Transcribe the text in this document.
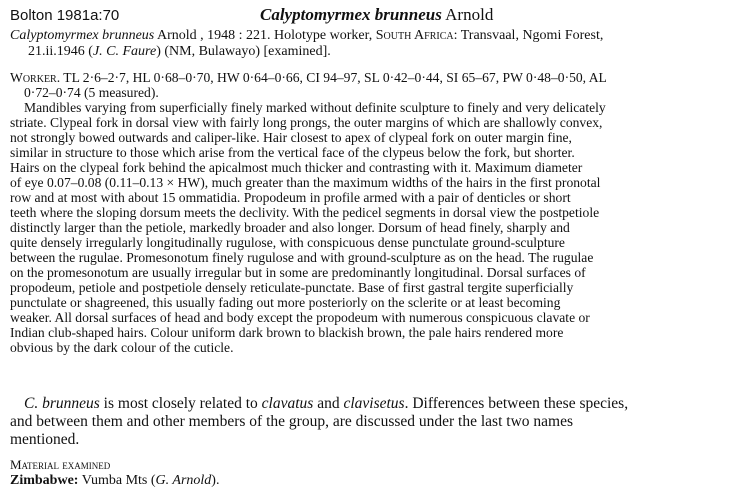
Bolton 1981a:70	Calyptomyrmex brunneus Arnold
Calyptomyrmex brunneus Arnold , 1948 : 221. Holotype worker, South Africa: Transvaal, Ngomi Forest,
21.ii.1946 (J. C. Faure) (NM, Bulawayo) [examined].
Worker. TL 2·6–2·7, HL 0·68–0·70, HW 0·64–0·66, CI 94–97, SL 0·42–0·44, SI 65–67, PW 0·48–0·50, AL
0·72–0·74 (5 measured).
Mandibles varying from superficially finely marked without definite sculpture to finely and very delicately
striate. Clypeal fork in dorsal view with fairly long prongs, the outer margins of which are shallowly convex,
not strongly bowed outwards and caliper-like. Hair closest to apex of clypeal fork on outer margin fine,
similar in structure to those which arise from the vertical face of the clypeus below the fork, but shorter.
Hairs on the clypeal fork behind the apicalmost much thicker and contrasting with it. Maximum diameter
of eye 0.07–0.08 (0.11–0.13 × HW), much greater than the maximum widths of the hairs in the first pronotal
row and at most with about 15 ommatidia. Propodeum in profile armed with a pair of denticles or short
teeth where the sloping dorsum meets the declivity. With the pedicel segments in dorsal view the postpetiole
distinctly larger than the petiole, markedly broader and also longer. Dorsum of head finely, sharply and
quite densely irregularly longitudinally rugulose, with conspicuous dense punctulate ground-sculpture
between the rugulae. Promesonotum finely rugulose and with ground-sculpture as on the head. The rugulae
on the promesonotum are usually irregular but in some are predominantly longitudinal. Dorsal surfaces of
propodeum, petiole and postpetiole densely reticulate-punctate. Base of first gastral tergite superficially
punctulate or shagreened, this usually fading out more posteriorly on the sclerite or at least becoming
weaker. All dorsal surfaces of head and body except the propodeum with numerous conspicuous clavate or
Indian club-shaped hairs. Colour uniform dark brown to blackish brown, the pale hairs rendered more
obvious by the dark colour of the cuticle.
C. brunneus is most closely related to clavatus and clavisetus. Differences between these species,
and between them and other members of the group, are discussed under the last two names
mentioned.
Material examined
Zimbabwe: Vumba Mts (G. Arnold).
